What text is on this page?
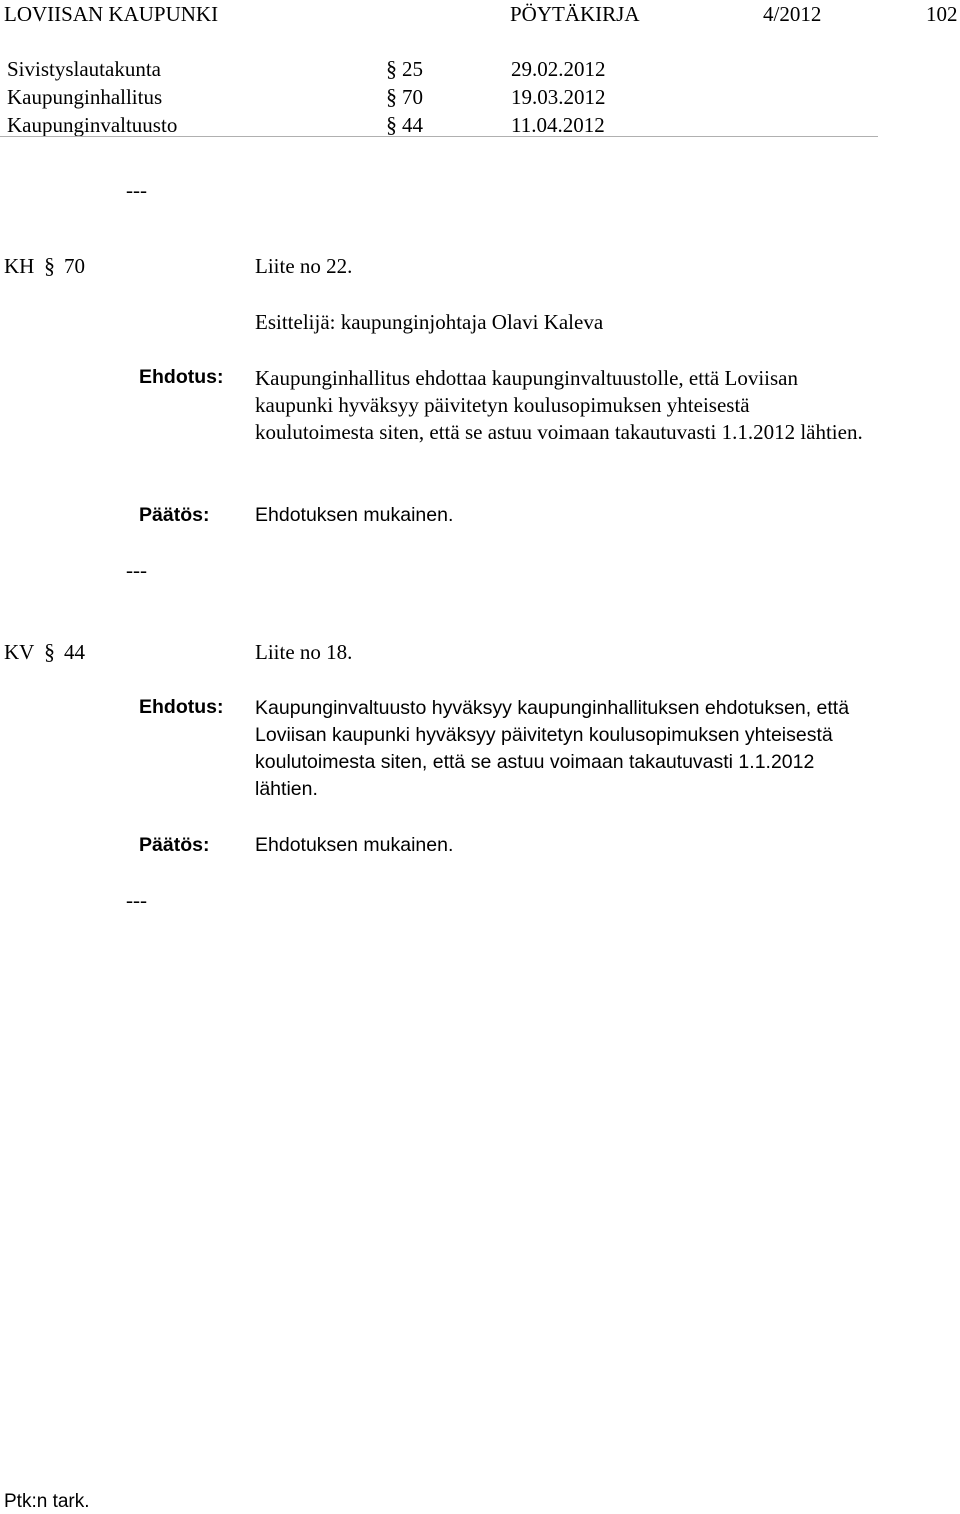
LOVIISAN KAUPUNKI	PÖYTÄKIRJA	4/2012	102
Sivistyslautakunta	§ 25	29.02.2012
Kaupunginhallitus	§ 70	19.03.2012
Kaupunginvaltuusto	§ 44	11.04.2012
---
KH § 70	Liite no 22.
Esittelijä: kaupunginjohtaja Olavi Kaleva
Ehdotus: Kaupunginhallitus ehdottaa kaupunginvaltuustolle, että Loviisan kaupunki hyväksyy päivitetyn koulusopimuksen yhteisestä koulutoimesta siten, että se astuu voimaan takautuvasti 1.1.2012 lähtien.
Päätös: Ehdotuksen mukainen.
---
KV § 44	Liite no 18.
Ehdotus: Kaupunginvaltuusto hyväksyy kaupunginhallituksen ehdotuksen, että Loviisan kaupunki hyväksyy päivitetyn koulusopimuksen yhteisestä koulutoimesta siten, että se astuu voimaan takautuvasti 1.1.2012 lähtien.
Päätös: Ehdotuksen mukainen.
---
Ptk:n tark.
